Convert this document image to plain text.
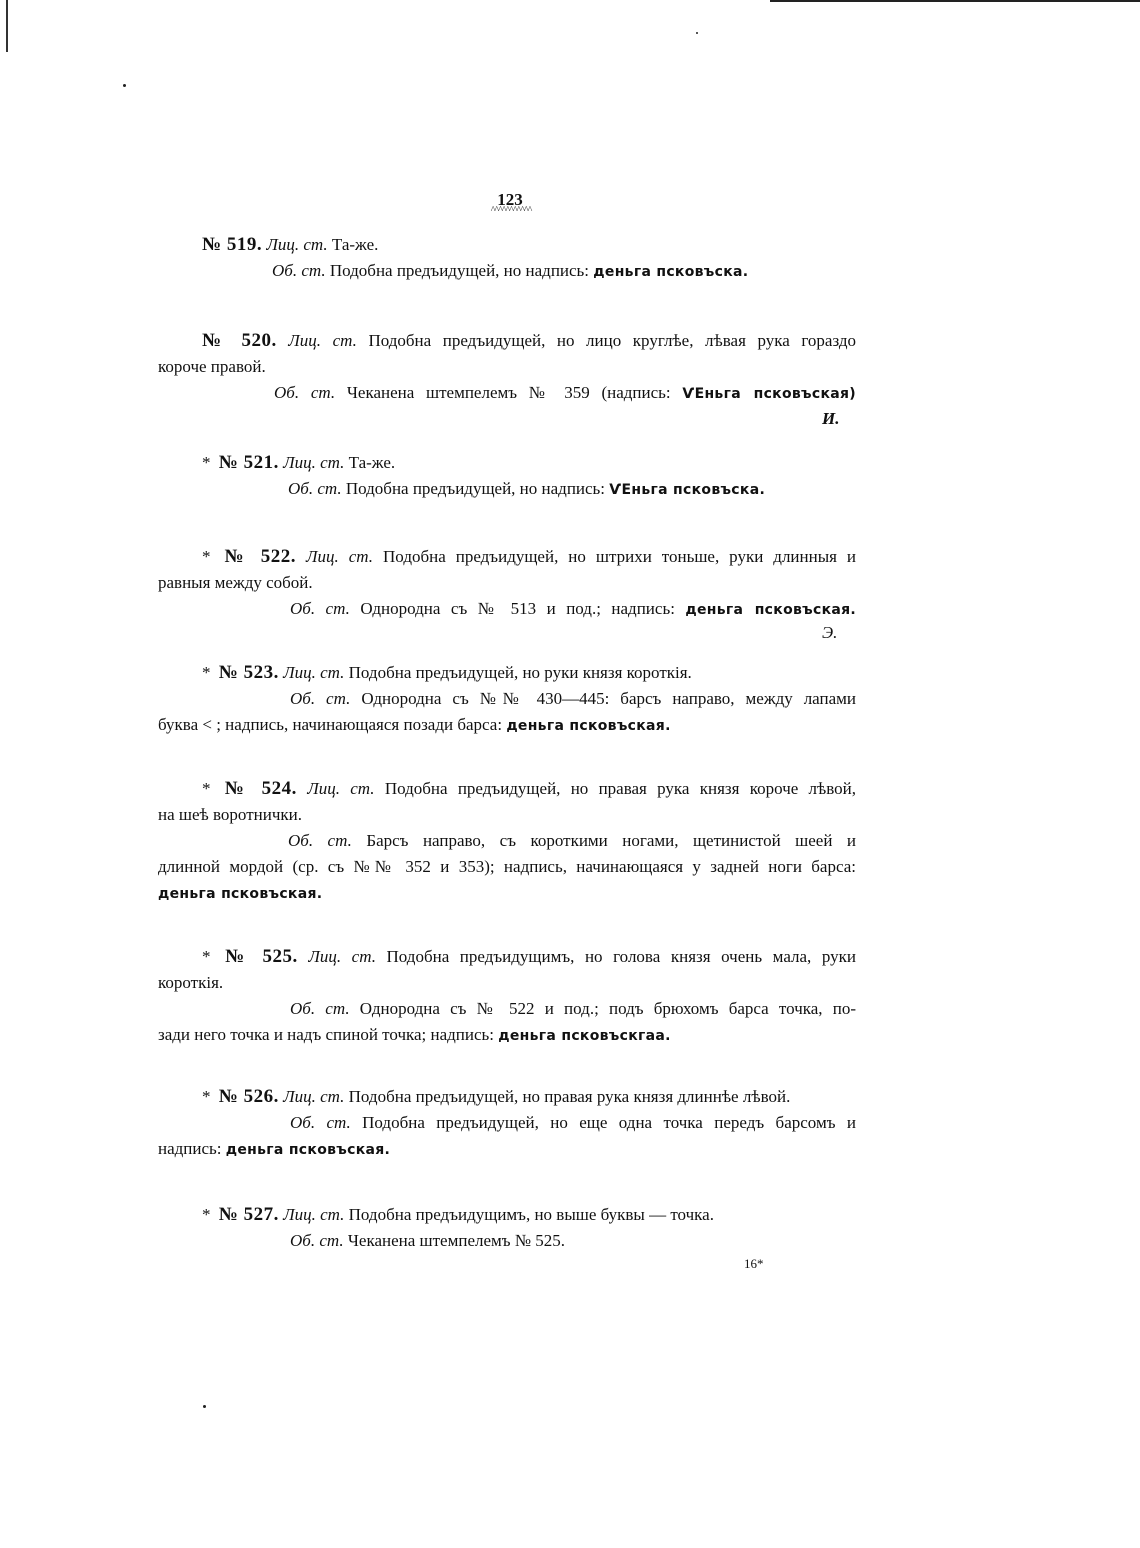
123
^^^^^^^^^^^
№ 519. Лиц. ст. Та-же.
Об. ст. Подобна предъидущей, но надпись: деньга псковъска.
№ 520. Лиц. ст. Подобна предъидущей, но лицо круглѣе, лѣвая рука гораздо
короче правой.
Об. ст. Чеканена штемпелемъ № 359 (надпись: ѴЕньга псковъская)
И.
* № 521. Лиц. ст. Та-же.
Об. ст. Подобна предъидущей, но надпись: ѴЕньга псковъска.
* № 522. Лиц. ст. Подобна предъидущей, но штрихи тоньше, руки длинныя и
равныя между собой.
Об. ст. Однородна съ № 513 и под.; надпись: деньга псковъская.
Э.
* № 523. Лиц. ст. Подобна предъидущей, но руки князя короткія.
Об. ст. Однородна съ №№ 430—445: барсъ направо, между лапами
буква < ; надпись, начинающаяся позади барса: деньга псковъская.
* № 524. Лиц. ст. Подобна предъидущей, но правая рука князя короче лѣвой,
на шеѣ воротнички.
Об. ст. Барсъ направо, съ короткими ногами, щетинистой шеей и
длинной мордой (ср. съ №№ 352 и 353); надпись, начинающаяся у задней ноги барса:
деньга псковъская.
* № 525. Лиц. ст. Подобна предъидущимъ, но голова князя очень мала, руки
короткія.
Об. ст. Однородна съ № 522 и под.; подъ брюхомъ барса точка, по-
зади него точка и надъ спиной точка; надпись: деньга псковъскгаа.
* № 526. Лиц. ст. Подобна предъидущей, но правая рука князя длиннѣе лѣвой.
Об. ст. Подобна предъидущей, но еще одна точка передъ барсомъ и
надпись: деньга псковъская.
* № 527. Лиц. ст. Подобна предъидущимъ, но выше буквы — точка.
Об. ст. Чеканена штемпелемъ № 525.
16*
